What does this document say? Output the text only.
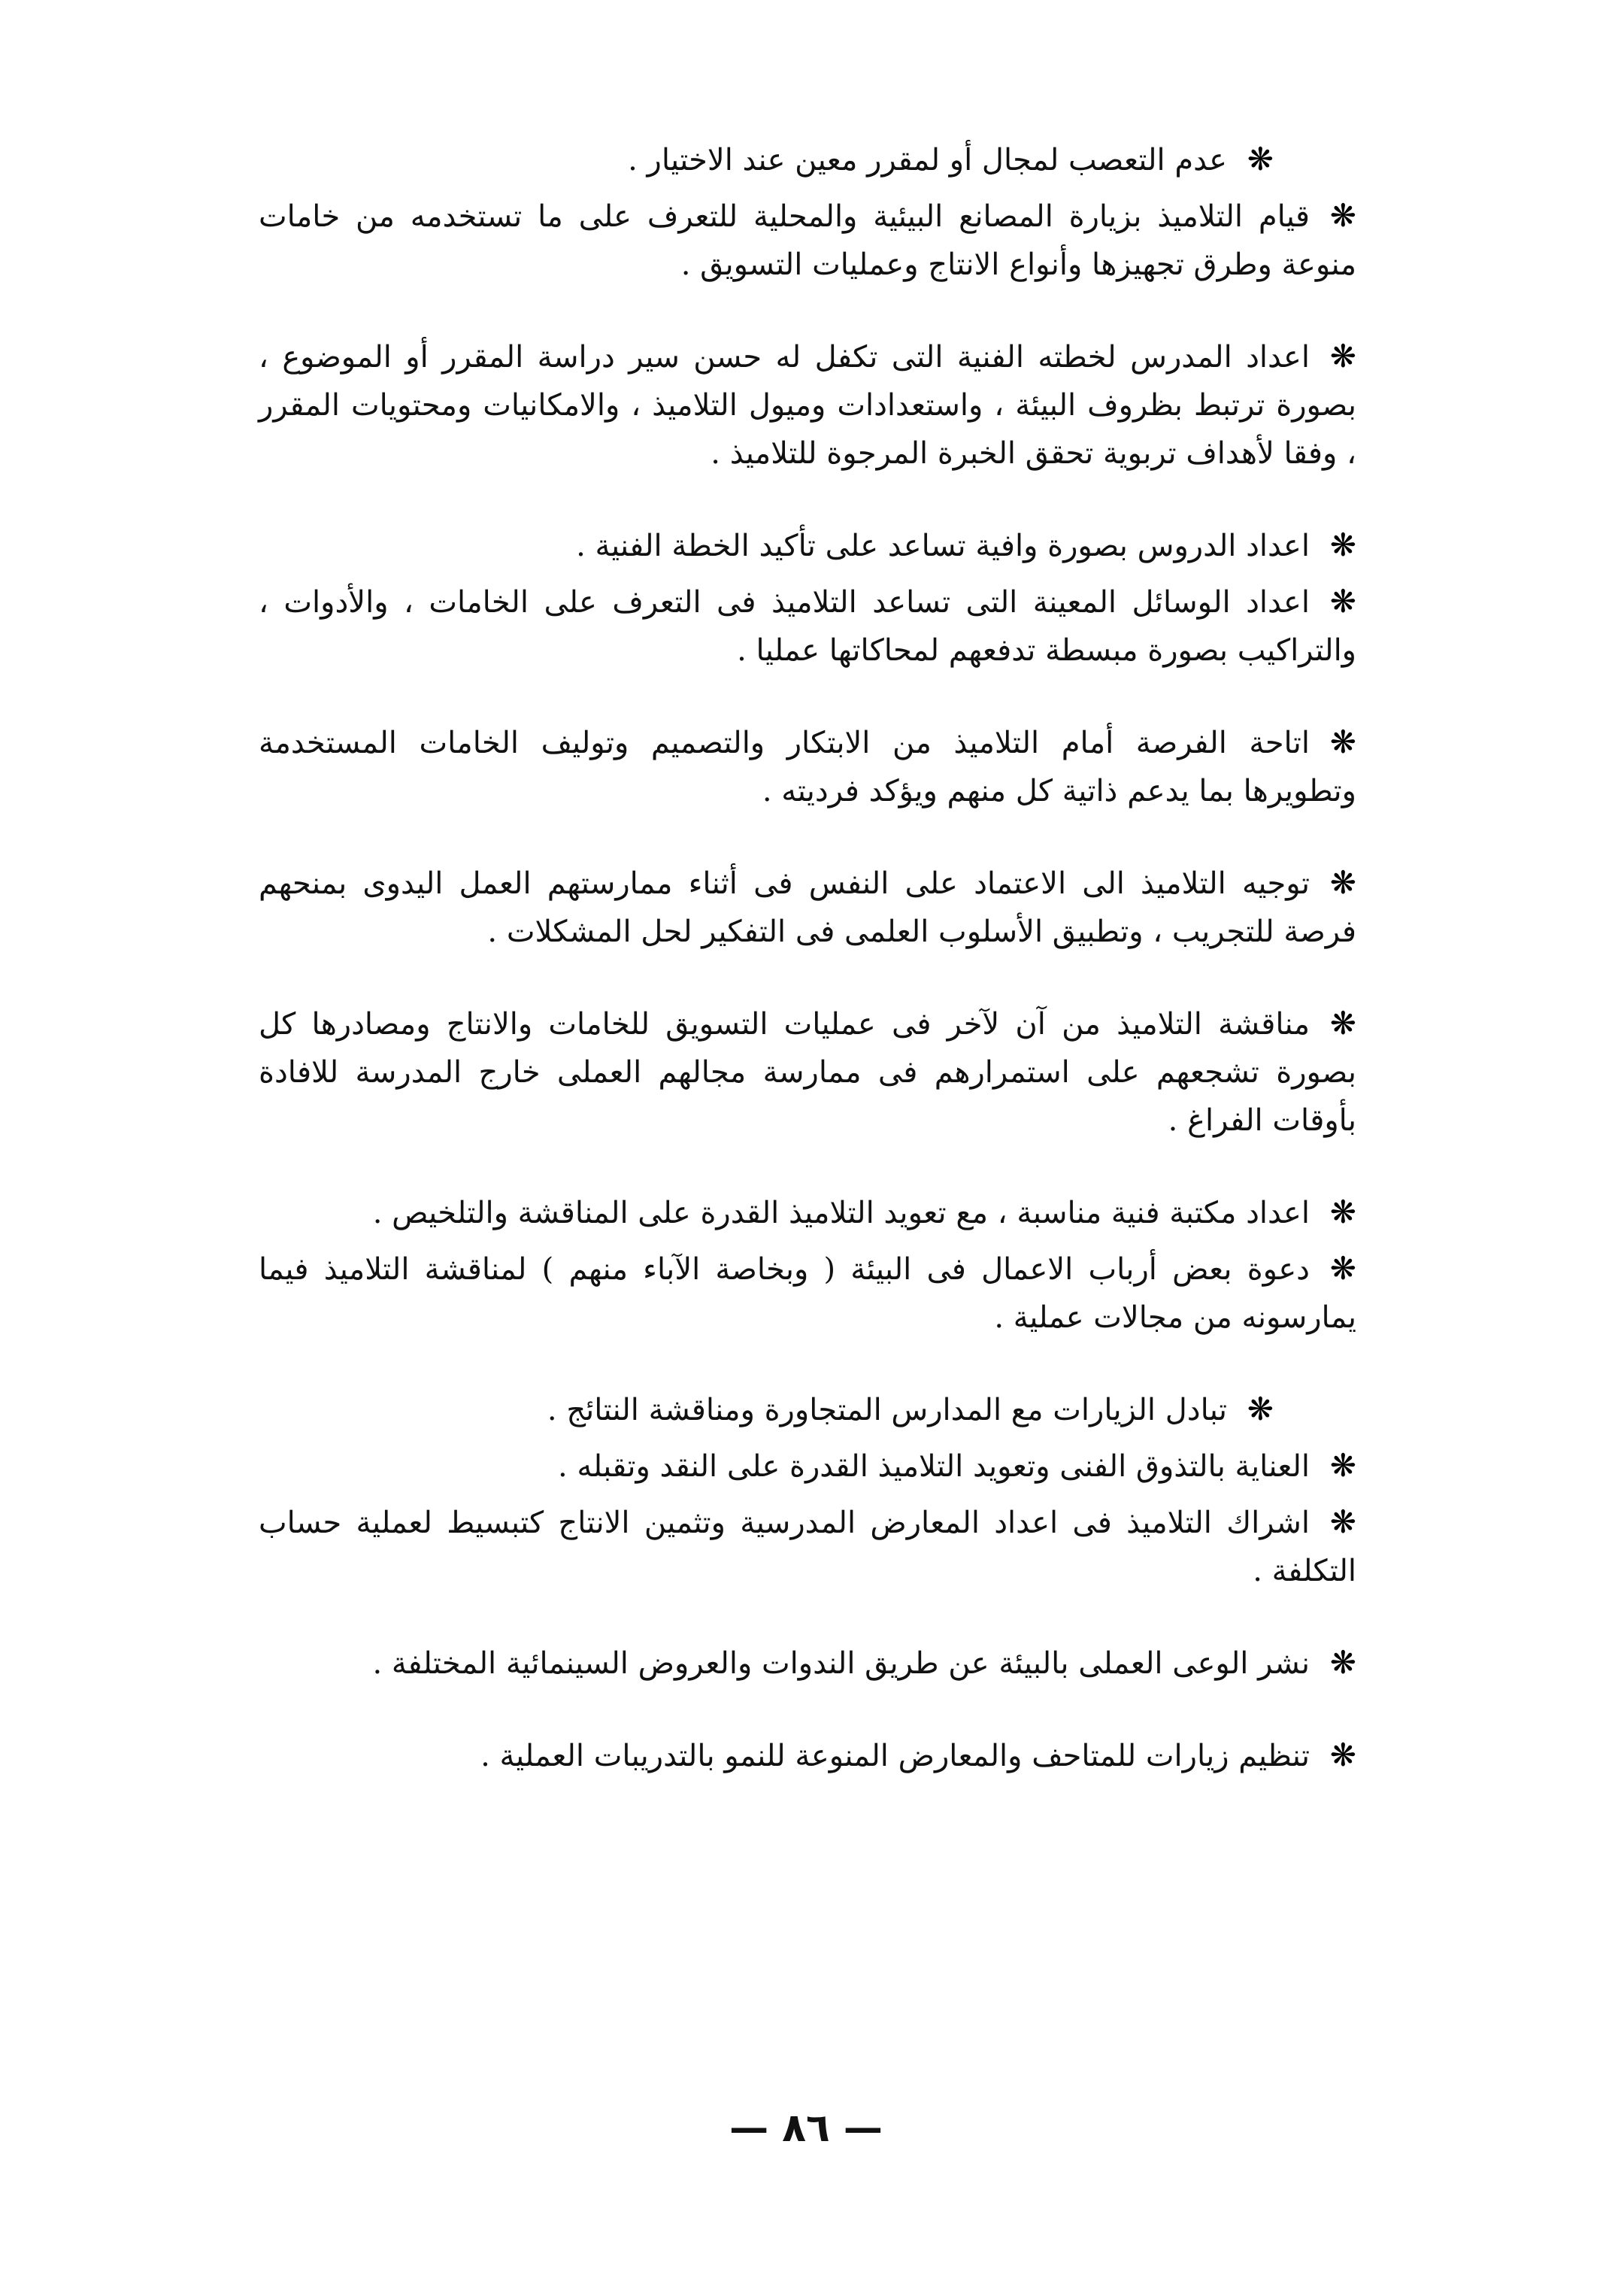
❋عدم التعصب لمجال أو لمقرر معين عند الاختيار .
❋قيام التلاميذ بزيارة المصانع البيئية والمحلية للتعرف على ما تستخدمه من خامات منوعة وطرق تجهيزها وأنواع الانتاج وعمليات التسويق .
❋اعداد المدرس لخطته الفنية التى تكفل له حسن سير دراسة المقرر أو الموضوع ، بصورة ترتبط بظروف البيئة ، واستعدادات وميول التلاميذ ، والامكانيات ومحتويات المقرر ، وفقا لأهداف تربوية تحقق الخبرة المرجوة للتلاميذ .
❋اعداد الدروس بصورة وافية تساعد على تأكيد الخطة الفنية .
❋اعداد الوسائل المعينة التى تساعد التلاميذ فى التعرف على الخامات ، والأدوات ، والتراكيب بصورة مبسطة تدفعهم لمحاكاتها عمليا .
❋اتاحة الفرصة أمام التلاميذ من الابتكار والتصميم وتوليف الخامات المستخدمة وتطويرها بما يدعم ذاتية كل منهم ويؤكد فرديته .
❋توجيه التلاميذ الى الاعتماد على النفس فى أثناء ممارستهم العمل اليدوى بمنحهم فرصة للتجريب ، وتطبيق الأسلوب العلمى فى التفكير لحل المشكلات .
❋مناقشة التلاميذ من آن لآخر فى عمليات التسويق للخامات والانتاج ومصادرها كل بصورة تشجعهم على استمرارهم فى ممارسة مجالهم العملى خارج المدرسة للافادة بأوقات الفراغ .
❋اعداد مكتبة فنية مناسبة ، مع تعويد التلاميذ القدرة على المناقشة والتلخيص .
❋دعوة بعض أرباب الاعمال فى البيئة ( وبخاصة الآباء منهم ) لمناقشة التلاميذ فيما يمارسونه من مجالات عملية .
❋تبادل الزيارات مع المدارس المتجاورة ومناقشة النتائج .
❋العناية بالتذوق الفنى وتعويد التلاميذ القدرة على النقد وتقبله .
❋اشراك التلاميذ فى اعداد المعارض المدرسية وتثمين الانتاج كتبسيط لعملية حساب التكلفة .
❋نشر الوعى العملى بالبيئة عن طريق الندوات والعروض السينمائية المختلفة .
❋تنظيم زيارات للمتاحف والمعارض المنوعة للنمو بالتدريبات العملية .
— ٨٦ —
